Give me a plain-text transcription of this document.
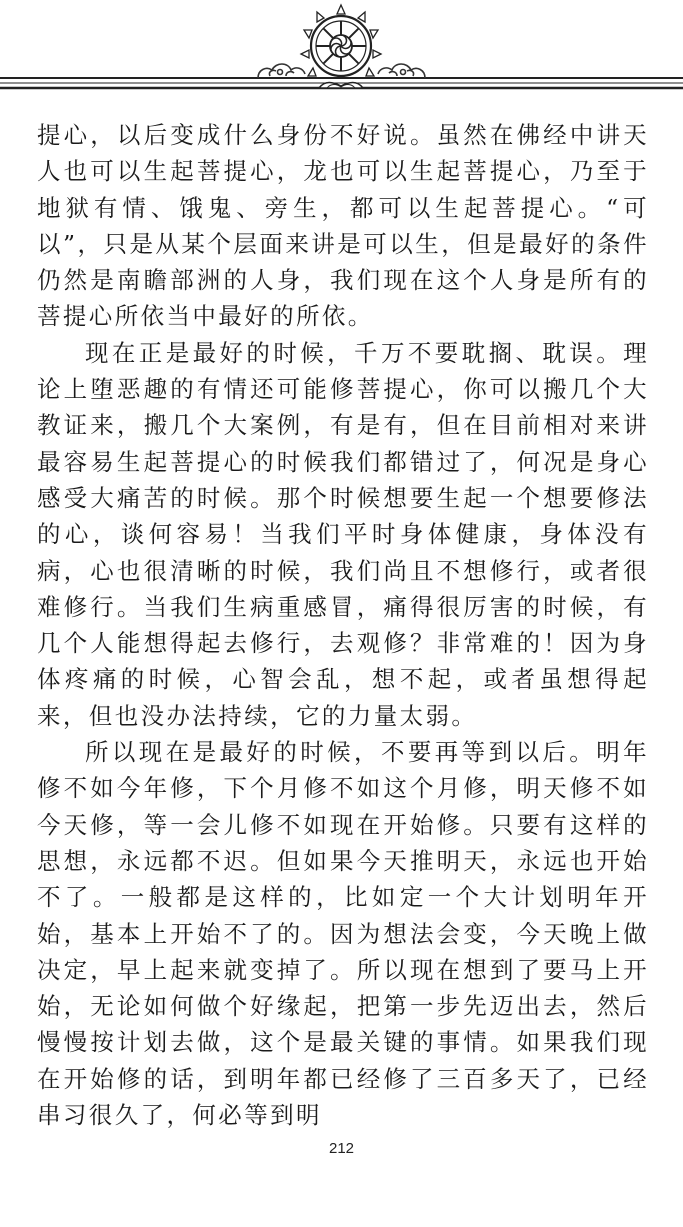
提心，以后变成什么身份不好说。虽然在佛经中讲天人也可以生起菩提心，龙也可以生起菩提心，乃至于地狱有情、饿鬼、旁生，都可以生起菩提心。“可以”，只是从某个层面来讲是可以生，但是最好的条件仍然是南瞻部洲的人身，我们现在这个人身是所有的菩提心所依当中最好的所依。

现在正是最好的时候，千万不要耽搁、耽误。理论上堕恶趣的有情还可能修菩提心，你可以搬几个大教证来，搬几个大案例，有是有，但在目前相对来讲最容易生起菩提心的时候我们都错过了，何况是身心感受大痛苦的时候。那个时候想要生起一个想要修法的心，谈何容易！当我们平时身体健康，身体没有病，心也很清晰的时候，我们尚且不想修行，或者很难修行。当我们生病重感冒，痛得很厉害的时候，有几个人能想得起去修行，去观修？非常难的！因为身体疼痛的时候，心智会乱，想不起，或者虽想得起来，但也没办法持续，它的力量太弱。

所以现在是最好的时候，不要再等到以后。明年修不如今年修，下个月修不如这个月修，明天修不如今天修，等一会儿修不如现在开始修。只要有这样的思想，永远都不迟。但如果今天推明天，永远也开始不了。一般都是这样的，比如定一个大计划明年开始，基本上开始不了的。因为想法会变，今天晚上做决定，早上起来就变掉了。所以现在想到了要马上开始，无论如何做个好缘起，把第一步先迈出去，然后慢慢按计划去做，这个是最关键的事情。如果我们现在开始修的话，到明年都已经修了三百多天了，已经串习很久了，何必等到明

212
